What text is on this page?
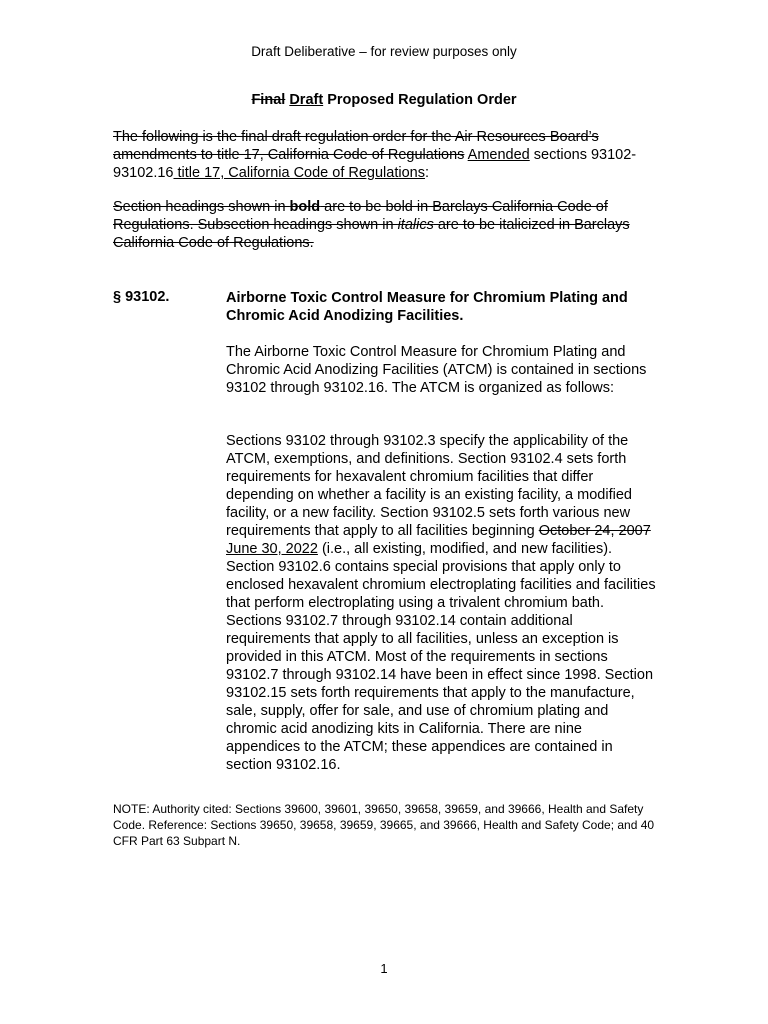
Draft Deliberative – for review purposes only
Final Draft Proposed Regulation Order
The following is the final draft regulation order for the Air Resources Board’s amendments to title 17, California Code of Regulations Amended sections 93102-93102.16 title 17, California Code of Regulations:
Section headings shown in bold are to be bold in Barclays California Code of Regulations. Subsection headings shown in italics are to be italicized in Barclays California Code of Regulations.
§ 93102.	Airborne Toxic Control Measure for Chromium Plating and Chromic Acid Anodizing Facilities.
The Airborne Toxic Control Measure for Chromium Plating and Chromic Acid Anodizing Facilities (ATCM) is contained in sections 93102 through 93102.16. The ATCM is organized as follows:
Sections 93102 through 93102.3 specify the applicability of the ATCM, exemptions, and definitions. Section 93102.4 sets forth requirements for hexavalent chromium facilities that differ depending on whether a facility is an existing facility, a modified facility, or a new facility. Section 93102.5 sets forth various new requirements that apply to all facilities beginning October 24, 2007 June 30, 2022 (i.e., all existing, modified, and new facilities). Section 93102.6 contains special provisions that apply only to enclosed hexavalent chromium electroplating facilities and facilities that perform electroplating using a trivalent chromium bath.
Sections 93102.7 through 93102.14 contain additional requirements that apply to all facilities, unless an exception is provided in this ATCM. Most of the requirements in sections 93102.7 through 93102.14 have been in effect since 1998. Section 93102.15 sets forth requirements that apply to the manufacture, sale, supply, offer for sale, and use of chromium plating and chromic acid anodizing kits in California. There are nine appendices to the ATCM; these appendices are contained in section 93102.16.
NOTE: Authority cited: Sections 39600, 39601, 39650, 39658, 39659, and 39666, Health and Safety Code. Reference: Sections 39650, 39658, 39659, 39665, and 39666, Health and Safety Code; and 40 CFR Part 63 Subpart N.
1
